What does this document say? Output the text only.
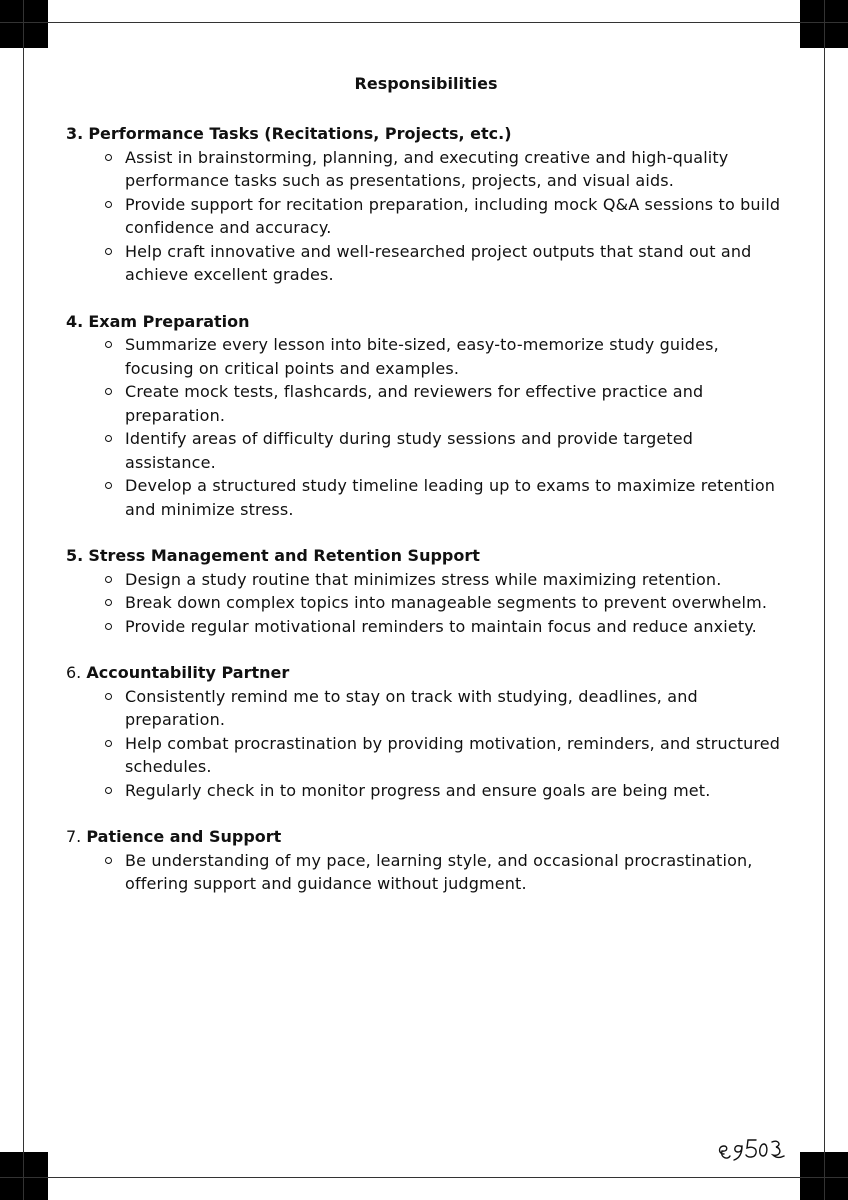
Responsibilities

3. Performance Tasks (Recitations, Projects, etc.)

Assist in brainstorming, planning, and executing creative and high-quality performance tasks such as presentations, projects, and visual aids.
Provide support for recitation preparation, including mock Q&A sessions to build confidence and accuracy.
Help craft innovative and well-researched project outputs that stand out and achieve excellent grades.

4. Exam Preparation

Summarize every lesson into bite-sized, easy-to-memorize study guides, focusing on critical points and examples.
Create mock tests, flashcards, and reviewers for effective practice and preparation.
Identify areas of difficulty during study sessions and provide targeted assistance.
Develop a structured study timeline leading up to exams to maximize retention and minimize stress.

5. Stress Management and Retention Support

Design a study routine that minimizes stress while maximizing retention.
Break down complex topics into manageable segments to prevent overwhelm.
Provide regular motivational reminders to maintain focus and reduce anxiety.

6. Accountability Partner

Consistently remind me to stay on track with studying, deadlines, and preparation.
Help combat procrastination by providing motivation, reminders, and structured schedules.
Regularly check in to monitor progress and ensure goals are being met.

7. Patience and Support

Be understanding of my pace, learning style, and occasional procrastination, offering support and guidance without judgment.
